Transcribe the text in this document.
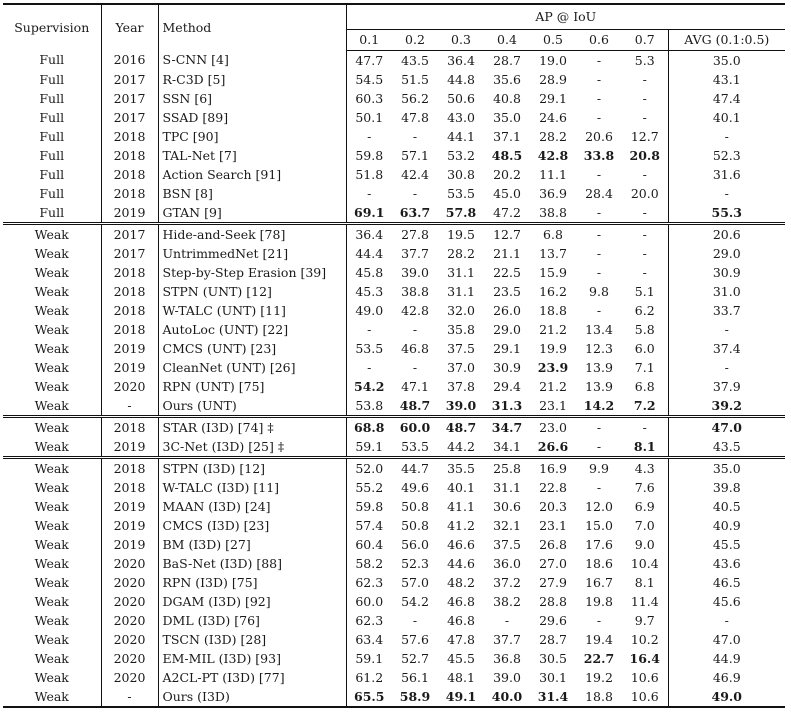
Supervision	Year	Method	AP @ IoU							
			0.1	0.2	0.3	0.4	0.5	0.6	0.7	AVG (0.1:0.5)
Full	2016	S-CNN [4]	47.7	43.5	36.4	28.7	19.0	-	5.3	35.0
Full	2017	R-C3D [5]	54.5	51.5	44.8	35.6	28.9	-	-	43.1
Full	2017	SSN [6]	60.3	56.2	50.6	40.8	29.1	-	-	47.4
Full	2017	SSAD [89]	50.1	47.8	43.0	35.0	24.6	-	-	40.1
Full	2018	TPC [90]	-	-	44.1	37.1	28.2	20.6	12.7	-
Full	2018	TAL-Net [7]	59.8	57.1	53.2	48.5	42.8	33.8	20.8	52.3
Full	2018	Action Search [91]	51.8	42.4	30.8	20.2	11.1	-	-	31.6
Full	2018	BSN [8]	-	-	53.5	45.0	36.9	28.4	20.0	-
Full	2019	GTAN [9]	69.1	63.7	57.8	47.2	38.8	-	-	55.3
Weak	2017	Hide-and-Seek [78]	36.4	27.8	19.5	12.7	6.8	-	-	20.6
Weak	2017	UntrimmedNet [21]	44.4	37.7	28.2	21.1	13.7	-	-	29.0
Weak	2018	Step-by-Step Erasion [39]	45.8	39.0	31.1	22.5	15.9	-	-	30.9
Weak	2018	STPN (UNT) [12]	45.3	38.8	31.1	23.5	16.2	9.8	5.1	31.0
Weak	2018	W-TALC (UNT) [11]	49.0	42.8	32.0	26.0	18.8	-	6.2	33.7
Weak	2018	AutoLoc (UNT) [22]	-	-	35.8	29.0	21.2	13.4	5.8	-
Weak	2019	CMCS (UNT) [23]	53.5	46.8	37.5	29.1	19.9	12.3	6.0	37.4
Weak	2019	CleanNet (UNT) [26]	-	-	37.0	30.9	23.9	13.9	7.1	-
Weak	2020	RPN (UNT) [75]	54.2	47.1	37.8	29.4	21.2	13.9	6.8	37.9
Weak	-	Ours (UNT)	53.8	48.7	39.0	31.3	23.1	14.2	7.2	39.2
Weak	2018	STAR (I3D) [74] ‡	68.8	60.0	48.7	34.7	23.0	-	-	47.0
Weak	2019	3C-Net (I3D) [25] ‡	59.1	53.5	44.2	34.1	26.6	-	8.1	43.5
Weak	2018	STPN (I3D) [12]	52.0	44.7	35.5	25.8	16.9	9.9	4.3	35.0
Weak	2018	W-TALC (I3D) [11]	55.2	49.6	40.1	31.1	22.8	-	7.6	39.8
Weak	2019	MAAN (I3D) [24]	59.8	50.8	41.1	30.6	20.3	12.0	6.9	40.5
Weak	2019	CMCS (I3D) [23]	57.4	50.8	41.2	32.1	23.1	15.0	7.0	40.9
Weak	2019	BM (I3D) [27]	60.4	56.0	46.6	37.5	26.8	17.6	9.0	45.5
Weak	2020	BaS-Net (I3D) [88]	58.2	52.3	44.6	36.0	27.0	18.6	10.4	43.6
Weak	2020	RPN (I3D) [75]	62.3	57.0	48.2	37.2	27.9	16.7	8.1	46.5
Weak	2020	DGAM (I3D) [92]	60.0	54.2	46.8	38.2	28.8	19.8	11.4	45.6
Weak	2020	DML (I3D) [76]	62.3	-	46.8	-	29.6	-	9.7	-
Weak	2020	TSCN (I3D) [28]	63.4	57.6	47.8	37.7	28.7	19.4	10.2	47.0
Weak	2020	EM-MIL (I3D) [93]	59.1	52.7	45.5	36.8	30.5	22.7	16.4	44.9
Weak	2020	A2CL-PT (I3D) [77]	61.2	56.1	48.1	39.0	30.1	19.2	10.6	46.9
Weak	-	Ours (I3D)	65.5	58.9	49.1	40.0	31.4	18.8	10.6	49.0
